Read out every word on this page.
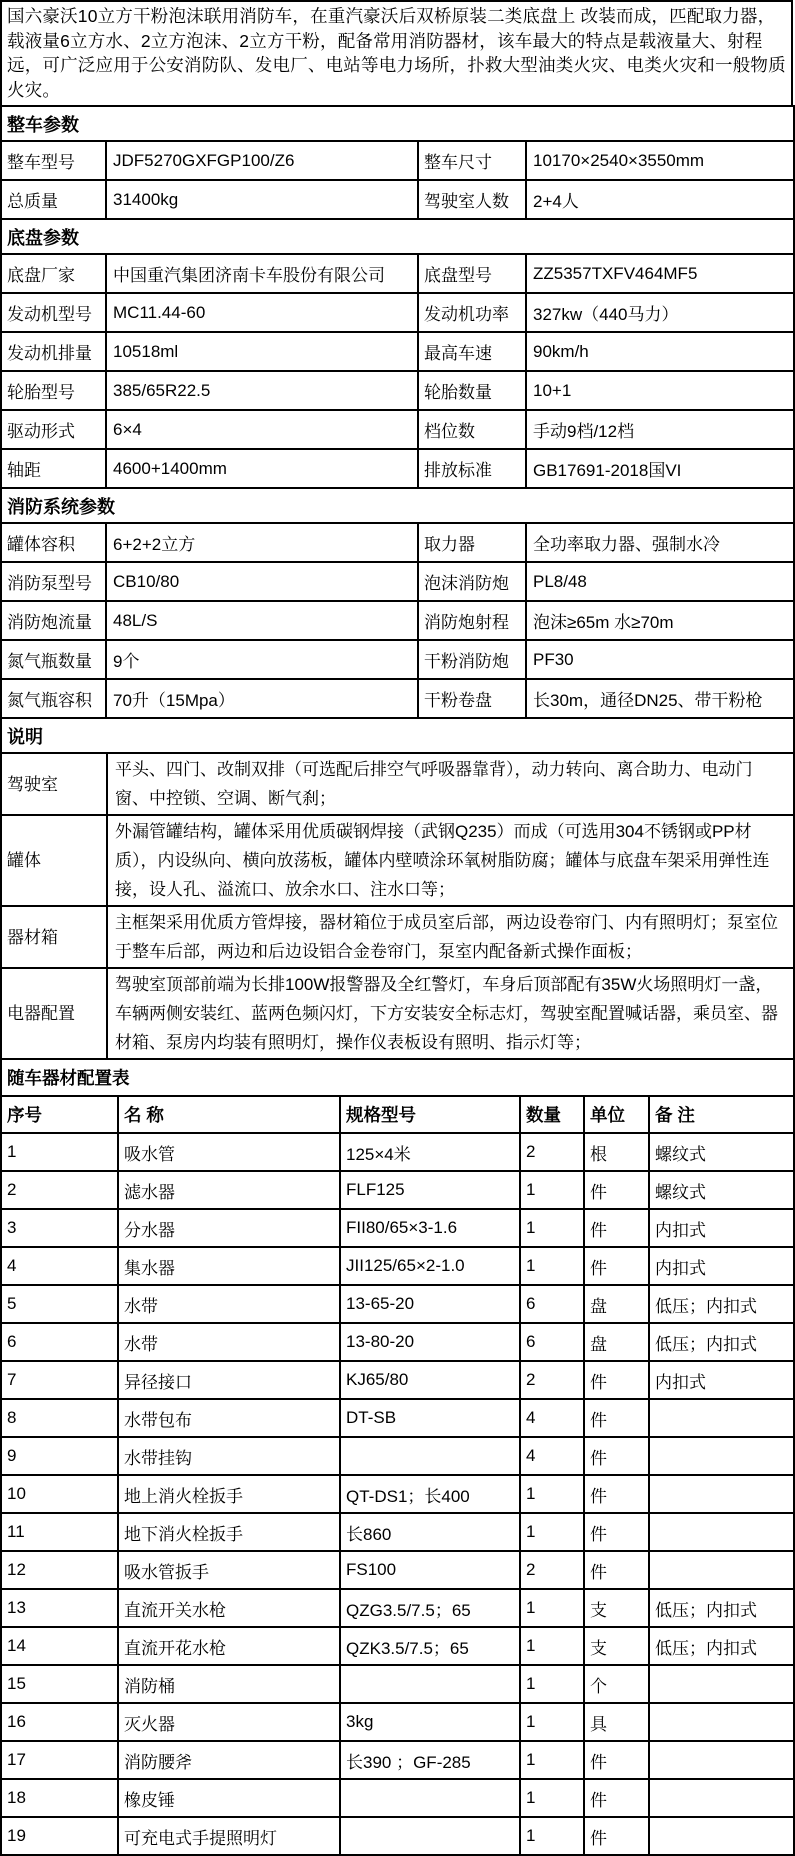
国六豪沃10立方干粉泡沫联用消防车，在重汽豪沃后双桥原装二类底盘上 改装而成，匹配取力器，载液量6立方水、2立方泡沫、2立方干粉，配备常用消防器材，该车最大的特点是载液量大、射程远，可广泛应用于公安消防队、发电厂、电站等电力场所，扑救大型油类火灾、电类火灾和一般物质火灾。
整车参数			
整车型号	JDF5270GXFGP100/Z6	整车尺寸	10170×2540×3550mm
总质量	31400kg	驾驶室人数	2+4人
底盘参数			
底盘厂家	中国重汽集团济南卡车股份有限公司	底盘型号	ZZ5357TXFV464MF5
发动机型号	MC11.44-60	发动机功率	327kw（440马力）
发动机排量	10518ml	最高车速	90km/h
轮胎型号	385/65R22.5	轮胎数量	10+1
驱动形式	6×4	档位数	手动9档/12档
轴距	4600+1400mm	排放标准	GB17691-2018国VI
消防系统参数			
罐体容积	6+2+2立方	取力器	全功率取力器、强制水冷
消防泵型号	CB10/80	泡沫消防炮	PL8/48
消防炮流量	48L/S	消防炮射程	泡沫≥65m 水≥70m
氮气瓶数量	9个	干粉消防炮	PF30
氮气瓶容积	70升（15Mpa）	干粉卷盘	长30m，通径DN25、带干粉枪
说明	
驾驶室	平头、四门、改制双排（可选配后排空气呼吸器靠背），动力转向、离合助力、电动门窗、中控锁、空调、断气刹；
罐体	外漏管罐结构，罐体采用优质碳钢焊接（武钢Q235）而成（可选用304不锈钢或PP材质），内设纵向、横向放荡板，罐体内壁喷涂环氧树脂防腐；罐体与底盘车架采用弹性连接，设人孔、溢流口、放余水口、注水口等；
器材箱	主框架采用优质方管焊接，器材箱位于成员室后部，两边设卷帘门、内有照明灯；泵室位于整车后部，两边和后边设铝合金卷帘门，泵室内配备新式操作面板；
电器配置	驾驶室顶部前端为长排100W报警器及全红警灯，车身后顶部配有35W火场照明灯一盏，车辆两侧安装红、蓝两色频闪灯，下方安装安全标志灯，驾驶室配置喊话器，乘员室、器材箱、泵房内均装有照明灯，操作仪表板设有照明、指示灯等；
随车器材配置表					
序号	名 称	规格型号	数量	单位	备 注
1	吸水管	125×4米	2	根	螺纹式
2	滤水器	FLF125	1	件	螺纹式
3	分水器	FII80/65×3-1.6	1	件	内扣式
4	集水器	JII125/65×2-1.0	1	件	内扣式
5	水带	13-65-20	6	盘	低压；内扣式
6	水带	13-80-20	6	盘	低压；内扣式
7	异径接口	KJ65/80	2	件	内扣式
8	水带包布	DT-SB	4	件	
9	水带挂钩		4	件	
10	地上消火栓扳手	QT-DS1；长400	1	件	
11	地下消火栓扳手	长860	1	件	
12	吸水管扳手	FS100	2	件	
13	直流开关水枪	QZG3.5/7.5；65	1	支	低压；内扣式
14	直流开花水枪	QZK3.5/7.5；65	1	支	低压；内扣式
15	消防桶		1	个	
16	灭火器	3kg	1	具	
17	消防腰斧	长390 ；GF-285	1	件	
18	橡皮锤		1	件	
19	可充电式手提照明灯		1	件	
